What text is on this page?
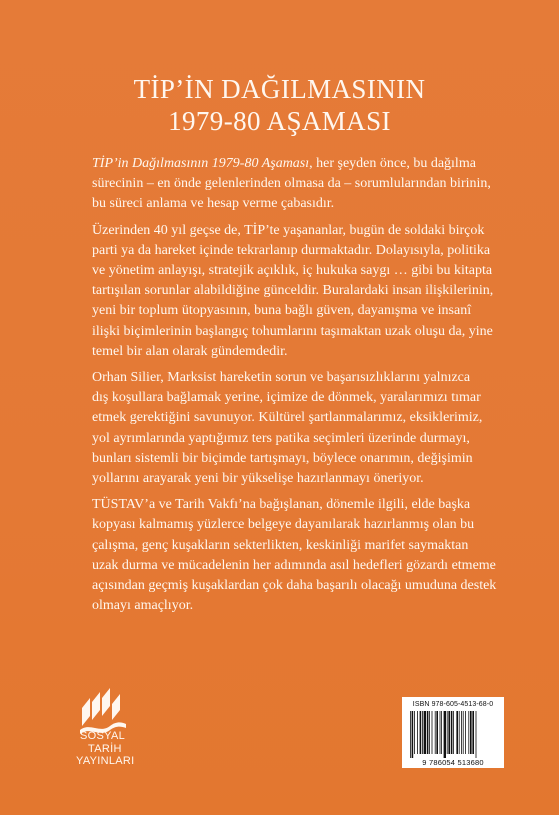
TİP’İN DAĞILMASININ
1979-80 AŞAMASI
TİP’in Dağılmasının 1979-80 Aşaması, her şeyden önce, bu dağılma
sürecinin – en önde gelenlerinden olmasa da – sorumlularından birinin,
bu süreci anlama ve hesap verme çabasıdır.
Üzerinden 40 yıl geçse de, TİP’te yaşananlar, bugün de soldaki birçok
parti ya da hareket içinde tekrarlanıp durmaktadır. Dolayısıyla, politika
ve yönetim anlayışı, stratejik açıklık, iç hukuka saygı … gibi bu kitapta
tartışılan sorunlar alabildiğine günceldir. Buralardaki insan ilişkilerinin,
yeni bir toplum ütopyasının, buna bağlı güven, dayanışma ve insanî
ilişki biçimlerinin başlangıç tohumlarını taşımaktan uzak oluşu da, yine
temel bir alan olarak gündemdedir.
Orhan Silier, Marksist hareketin sorun ve başarısızlıklarını yalnızca
dış koşullara bağlamak yerine, içimize de dönmek, yaralarımızı tımar
etmek gerektiğini savunuyor. Kültürel şartlanmalarımız, eksiklerimiz,
yol ayrımlarında yaptığımız ters patika seçimleri üzerinde durmayı,
bunları sistemli bir biçimde tartışmayı, böylece onarımın, değişimin
yollarını arayarak yeni bir yükselişe hazırlanmayı öneriyor.
TÜSTAV’a ve Tarih Vakfı’na bağışlanan, dönemle ilgili, elde başka
kopyası kalmamış yüzlerce belgeye dayanılarak hazırlanmış olan bu
çalışma, genç kuşakların sekterlikten, keskinliği marifet saymaktan
uzak durma ve mücadelenin her adımında asıl hedefleri gözardı etmeme
açısından geçmiş kuşaklardan çok daha başarılı olacağı umuduna destek
olmayı amaçlıyor.
SOSYAL
TARİH
YAYINLARI
ISBN 978-605-4513-68-0
9 786054 513680
